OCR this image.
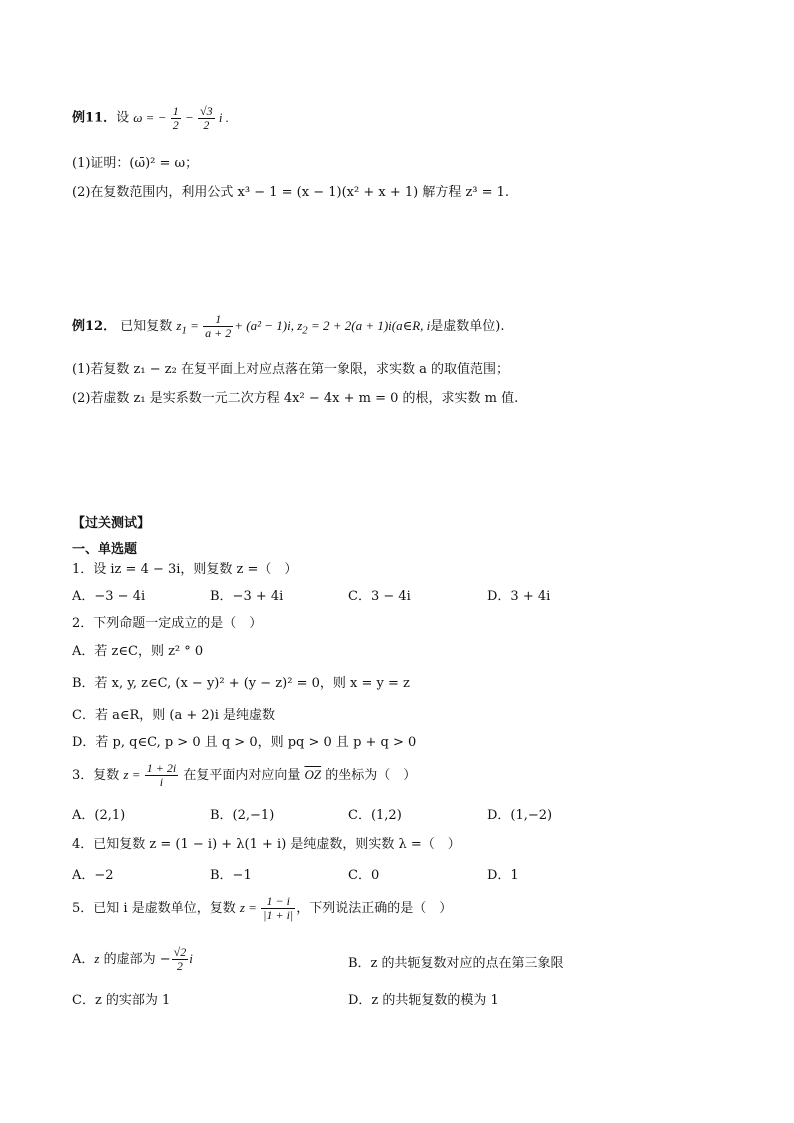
例11．设 ω = − $\frac{1}{2} - \frac{√3}{2}$ i .
(1)证明：(ω̄)² = ω；
(2)在复数范围内，利用公式 x³ − 1 = (x − 1)(x² + x + 1) 解方程 z³ = 1.
例12． 已知复数 $z_1 = \frac{1}{a + 2} + (a^2 - 1)i$, $z_2 = 2 + 2(a$ + 1)i(a∈R, i是虚数单位).
(1)若复数 z₁ − z₂ 在复平面上对应点落在第一象限，求实数 a 的取值范围；
(2)若虚数 z₁ 是实系数一元二次方程 4x² − 4x + m = 0 的根，求实数 m 值.
【过关测试】
一、单选题
1．设 iz = 4 − 3i，则复数 z =（　）
A．−3 − 4i	B．−3 + 4i	C．3 − 4i	D．3 + 4i
2．下列命题一定成立的是（　）
A．若 z∈C，则 z² ° 0
B．若 x, y, z∈C, (x − y)² + (y − z)² = 0，则 x = y = z
C．若 a∈R，则 (a + 2)i 是纯虚数
D．若 p, q∈C, p > 0 且 q > 0，则 pq > 0 且 p + q > 0
3．复数 $z = \frac{1 + 2i}{i}$ 在复平面内对应向量 $\overline{OZ}$ 的坐标为（　）
A．(2,1)	B．(2,−1)	C．(1,2)	D．(1,−2)
4．已知复数 z = (1 − i) + λ(1 + i) 是纯虚数，则实数 λ =（　）
A．−2	B．−1	C．0	D．1
5．已知 i 是虚数单位，复数 $z = \frac{1 - i}{|1 + i|}$ ，下列说法正确的是（　）
A．z 的虚部为 − $\frac{√2}{2}$ i	B．z 的共轭复数对应的点在第三象限
C．z 的实部为 1	D．z 的共轭复数的模为 1
